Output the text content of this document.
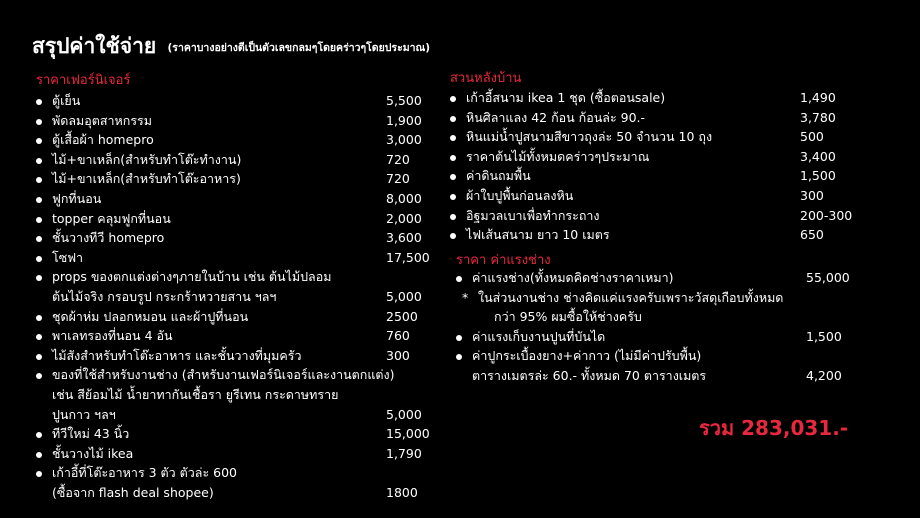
สรุปค่าใช้จ่าย (ราคาบางอย่างตีเป็นตัวเลขกลมๆโดยคร่าวๆโดยประมาณ)
ราคาเฟอร์นิเจอร์
ตู้เย็น	5,500
พัดลมอุตสาหกรรม	1,900
ตู้เสื้อผ้า homepro	3,000
ไม้+ขาเหล็ก(สำหรับทำโต๊ะทำงาน)	720
ไม้+ขาเหล็ก(สำหรับทำโต๊ะอาหาร)	720
ฟูกที่นอน	8,000
topper คลุมฟูกที่นอน	2,000
ชั้นวางทีวี homepro	3,600
โซฟา	17,500
props ของตกแต่งต่างๆภายในบ้าน เช่น ต้นไม้ปลอม
ต้นไม้จริง กรอบรูป กระกร้าหวายสาน ฯลฯ	5,000
ชุดผ้าห่ม ปลอกหมอน และผ้าปูที่นอน	2500
พาเลทรองที่นอน 4 อัน	760
ไม้สังสำหรับทำโต๊ะอาหาร และชั้นวางที่มุมครัว	300
ของที่ใช้สำหรับงานช่าง (สำหรับงานเฟอร์นิเจอร์และงานตกแต่ง)
เช่น สีย้อมไม้ น้ำยาทากันเชื้อรา ยูรีเทน กระดาษทราย
ปูนกาว ฯลฯ	5,000
ทีวีใหม่ 43 นิ้ว	15,000
ชั้นวางไม้ ikea	1,790
เก้าอี้ที่โต๊ะอาหาร 3 ตัว ตัวล่ะ 600
(ซื้อจาก flash deal shopee)	1800
สวนหลังบ้าน
เก้าอี้สนาม ikea 1 ชุด (ซื้อตอนsale)	1,490
หินศิลาแลง 42 ก้อน ก้อนล่ะ 90.-	3,780
หินแม่น้ำปูสนามสีขาวถุงล่ะ 50 จำนวน 10 ถุง	500
ราคาต้นไม้ทั้งหมดคร่าวๆประมาณ	3,400
ค่าดินถมพื้น	1,500
ผ้าใบปูพื้นก่อนลงหิน	300
อิฐมวลเบาเพื่อทำกระถาง	200-300
ไฟเส้นสนาม ยาว 10 เมตร	650
ราคา ค่าแรงช่าง
ค่าแรงช่าง(ทั้งหมดคิดช่างราคาเหมา)	55,000
* ในส่วนงานช่าง ช่างคิดแค่แรงครับเพราะวัสดุเกือบทั้งหมด
กว่า 95% ผมซื้อให้ช่างครับ
ค่าแรงเก็บงานปูนที่บันได	1,500
ค่าปูกระเบื้องยาง+ค่ากาว (ไม่มีค่าปรับพื้น)
ตารางเมตรล่ะ 60.- ทั้งหมด 70 ตารางเมตร	4,200
รวม 283,031.-
